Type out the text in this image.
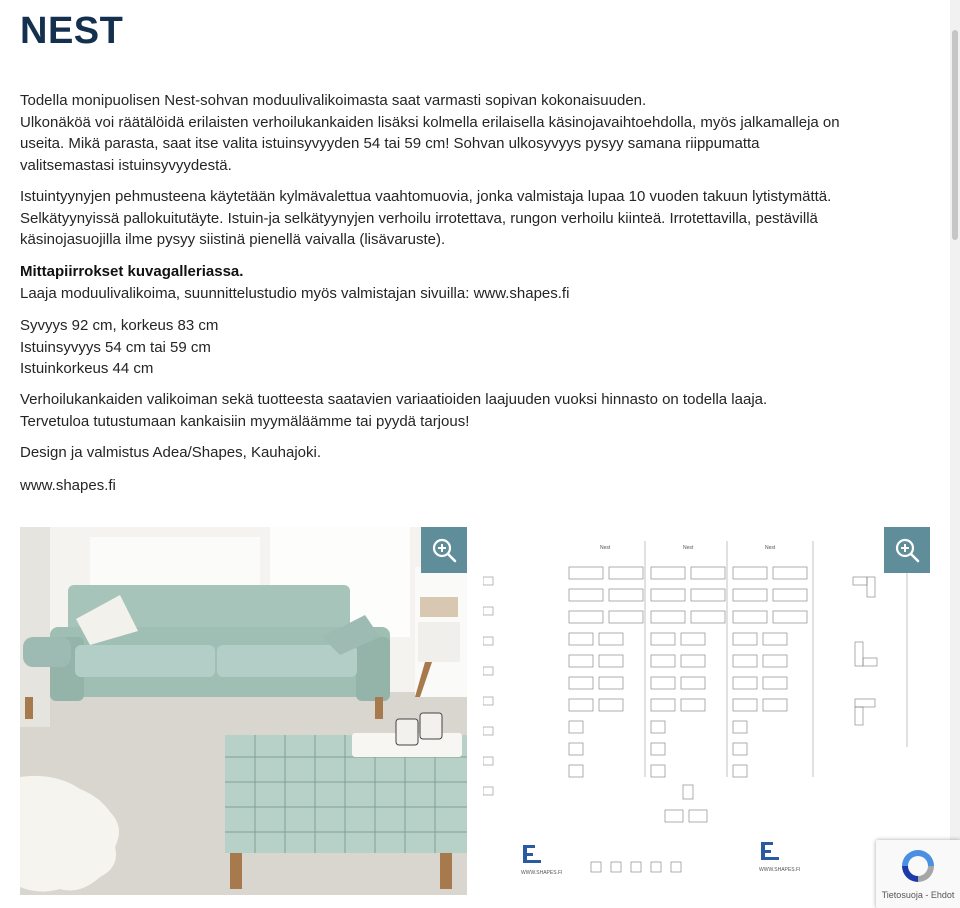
NEST
Todella monipuolisen Nest-sohvan moduulivalikoimasta saat varmasti sopivan kokonaisuuden.
Ulkonäköä voi räätälöidä erilaisten verhoilukankaiden lisäksi kolmella erilaisella käsinojavaihtoehdolla, myös jalkamalleja on
useita. Mikä parasta, saat itse valita istuinsyvyyden 54 tai 59 cm! Sohvan ulkosyvyys pysyy samana riippumatta
valitsemastasi istuinsyvyydestä.
Istuintyynyjen pehmusteena käytetään kylmävalettua vaahtomuovia, jonka valmistaja lupaa 10 vuoden takuun lytistymättä.
Selkätyynyissä pallokuitutäyte. Istuin-ja selkätyynyjen verhoilu irrotettava, rungon verhoilu kiinteä. Irrotettavilla, pestävillä
käsinojasuojilla ilme pysyy siistinä pienellä vaivalla (lisävaruste).
Mittapiirrokset kuvagalleriassa.
Laaja moduulivalikoima, suunnittelustudio myös valmistajan sivuilla: www.shapes.fi
Syvyys 92 cm, korkeus 83 cm
Istuinsyvyys 54 cm tai 59 cm
Istuinkorkeus 44 cm
Verhoilukankaiden valikoiman sekä tuotteesta saatavien variaatioiden laajuuden vuoksi hinnasto on todella laaja.
Tervetuloa tutustumaan kankaisiin myymäläämme tai pyydä tarjous!
Design ja valmistus Adea/Shapes, Kauhajoki.
www.shapes.fi
Nest	Nest	Nest
WWW.SHAPES.FI	WWW.SHAPES.FI
Tietosuoja - Ehdot
